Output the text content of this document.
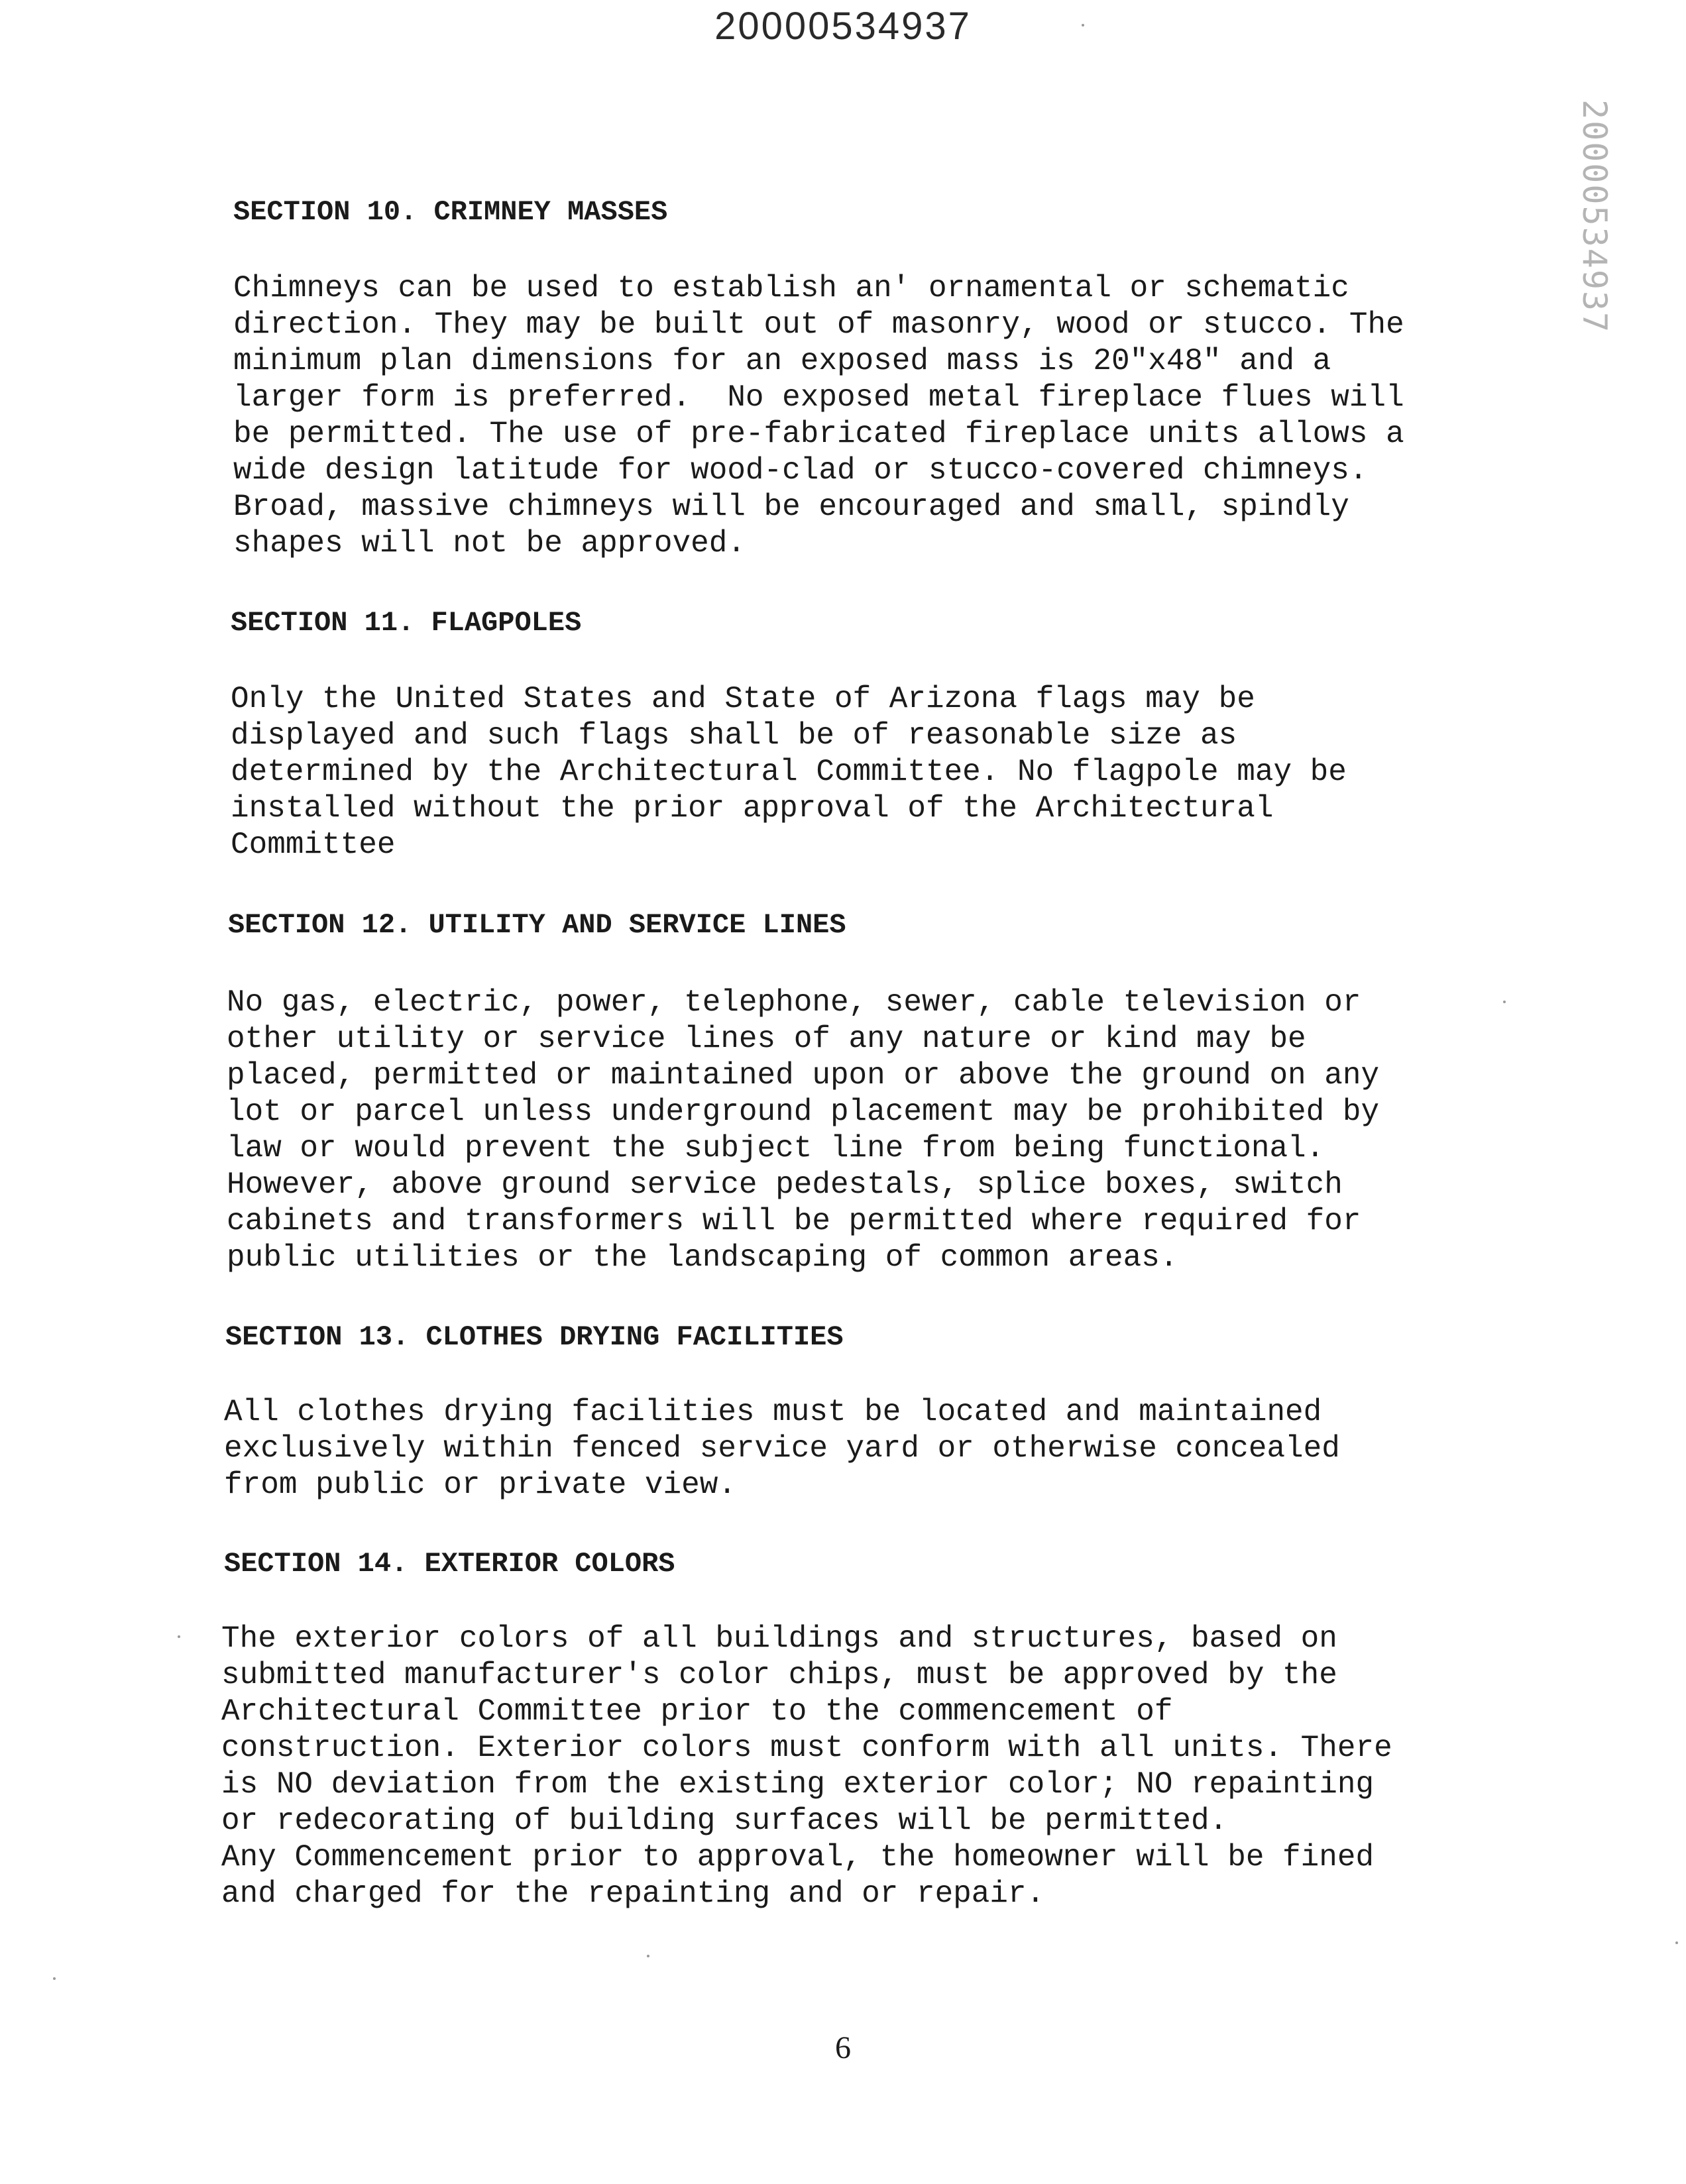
20000534937
20000534937
SECTION 10. CRIMNEY MASSES
Chimneys can be used to establish an' ornamental or schematic
direction. They may be built out of masonry, wood or stucco. The
minimum plan dimensions for an exposed mass is 20"x48" and a
larger form is preferred.  No exposed metal fireplace flues will
be permitted. The use of pre-fabricated fireplace units allows a
wide design latitude for wood-clad or stucco-covered chimneys.
Broad, massive chimneys will be encouraged and small, spindly
shapes will not be approved.
SECTION 11. FLAGPOLES
Only the United States and State of Arizona flags may be
displayed and such flags shall be of reasonable size as
determined by the Architectural Committee. No flagpole may be
installed without the prior approval of the Architectural
Committee
SECTION 12. UTILITY AND SERVICE LINES
No gas, electric, power, telephone, sewer, cable television or
other utility or service lines of any nature or kind may be
placed, permitted or maintained upon or above the ground on any
lot or parcel unless underground placement may be prohibited by
law or would prevent the subject line from being functional.
However, above ground service pedestals, splice boxes, switch
cabinets and transformers will be permitted where required for
public utilities or the landscaping of common areas.
SECTION 13. CLOTHES DRYING FACILITIES
All clothes drying facilities must be located and maintained
exclusively within fenced service yard or otherwise concealed
from public or private view.
SECTION 14. EXTERIOR COLORS
The exterior colors of all buildings and structures, based on
submitted manufacturer's color chips, must be approved by the
Architectural Committee prior to the commencement of
construction. Exterior colors must conform with all units. There
is NO deviation from the existing exterior color; NO repainting
or redecorating of building surfaces will be permitted.
Any Commencement prior to approval, the homeowner will be fined
and charged for the repainting and or repair.
6
